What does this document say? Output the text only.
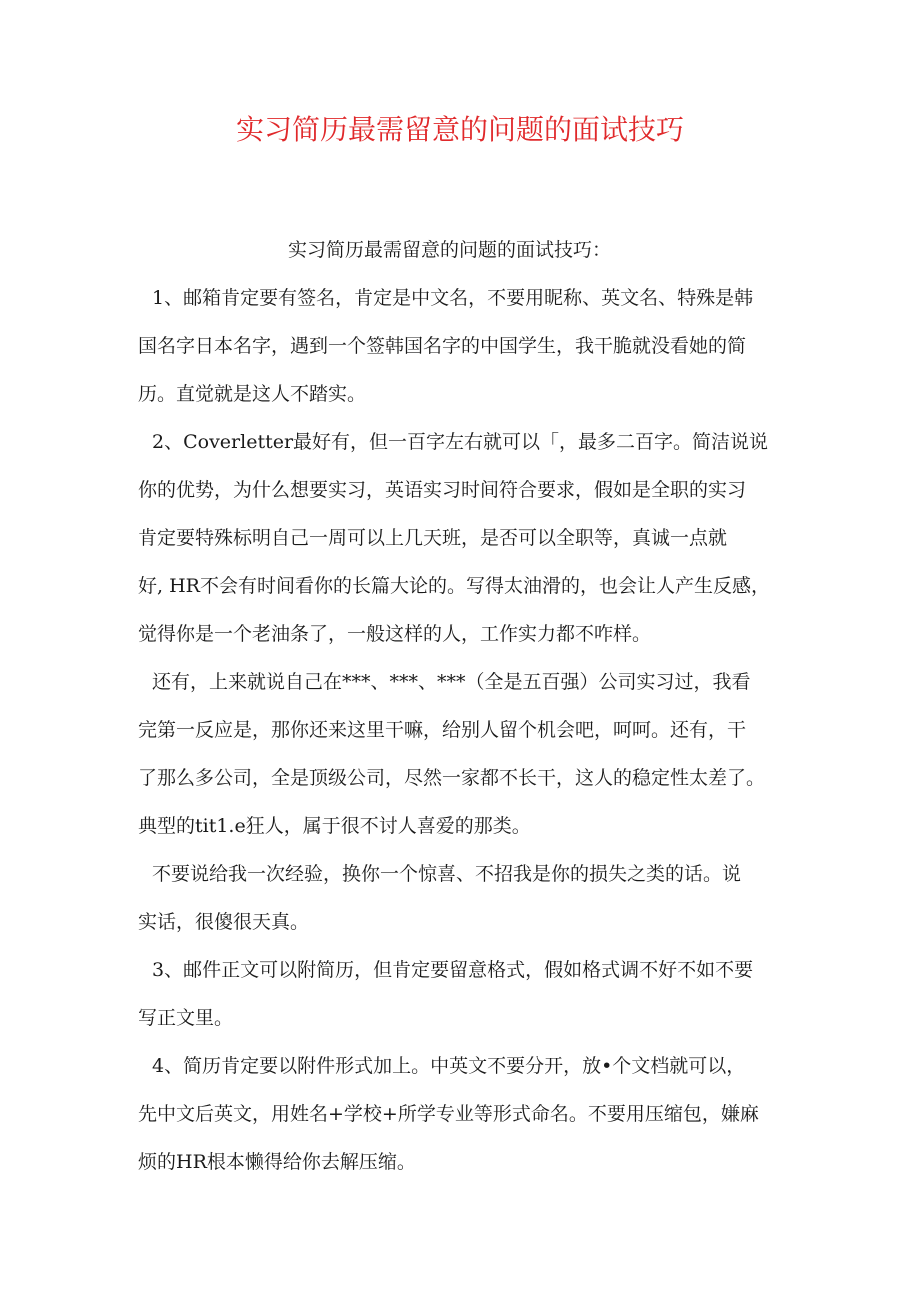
实习简历最需留意的问题的面试技巧

实习简历最需留意的问题的面试技巧：

1、邮箱肯定要有签名，肯定是中文名，不要用昵称、英文名、特殊是韩
国名字日本名字，遇到一个签韩国名字的中国学生，我干脆就没看她的简
历。直觉就是这人不踏实。

2、Coverletter最好有，但一百字左右就可以「，最多二百字。简洁说说
你的优势，为什么想要实习，英语实习时间符合要求，假如是全职的实习
肯定要特殊标明自己一周可以上几天班，是否可以全职等，真诚一点就
好, HR不会有时间看你的长篇大论的。写得太油滑的，也会让人产生反感，
觉得你是一个老油条了，一般这样的人，工作实力都不咋样。

还有，上来就说自己在***、***、***（全是五百强）公司实习过，我看
完第一反应是，那你还来这里干嘛，给别人留个机会吧，呵呵。还有，干
了那么多公司，全是顶级公司，尽然一家都不长干，这人的稳定性太差了。
典型的tit1.e狂人，属于很不讨人喜爱的那类。

不要说给我一次经验，换你一个惊喜、不招我是你的损失之类的话。说
实话，很傻很天真。

3、邮件正文可以附简历，但肯定要留意格式，假如格式调不好不如不要
写正文里。

4、简历肯定要以附件形式加上。中英文不要分开，放•个文档就可以，
先中文后英文，用姓名+学校+所学专业等形式命名。不要用压缩包，嫌麻
烦的HR根本懒得给你去解压缩。
